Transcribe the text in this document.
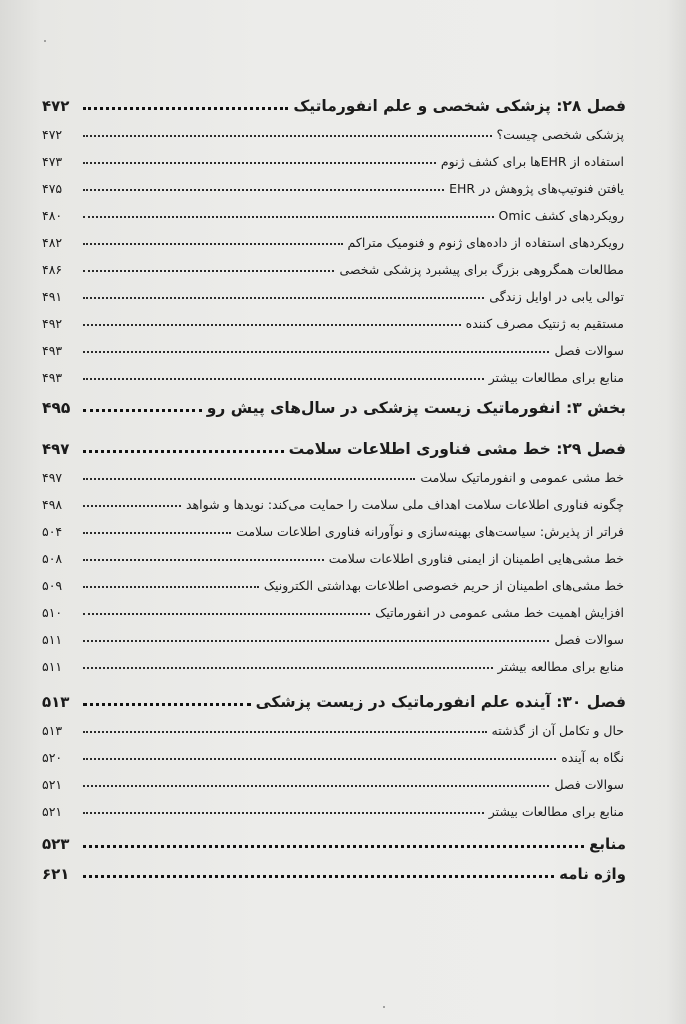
فصل ۲۸: پزشکی شخصی و علم انفورماتیک
۴۷۲
پزشکی شخصی چیست؟
۴۷۲
استفاده از EHRها برای کشف ژنوم
۴۷۳
یافتن فنوتیپ‌های پژوهش در EHR
۴۷۵
رویکردهای کشف Omic
۴۸۰
رویکردهای استفاده از داده‌های ژنوم و فنومیک متراکم
۴۸۲
مطالعات همگروهی بزرگ برای پیشبرد پزشکی شخصی
۴۸۶
توالی یابی در اوایل زندگی
۴۹۱
مستقیم به ژنتیک مصرف کننده
۴۹۲
سوالات فصل
۴۹۳
منابع برای مطالعات بیشتر
۴۹۳
بخش ۳: انفورماتیک زیست پزشکی در سال‌های پیش رو
۴۹۵
فصل ۲۹: خط مشی فناوری اطلاعات سلامت
۴۹۷
خط مشی عمومی و انفورماتیک سلامت
۴۹۷
چگونه فناوری اطلاعات سلامت اهداف ملی سلامت را حمایت می‌کند: نویدها و شواهد
۴۹۸
فراتر از پذیرش: سیاست‌های بهینه‌سازی و نوآورانه فناوری اطلاعات سلامت
۵۰۴
خط مشی‌هایی اطمینان از ایمنی فناوری اطلاعات سلامت
۵۰۸
خط مشی‌های اطمینان از حریم خصوصی اطلاعات بهداشتی الکترونیک
۵۰۹
افزایش اهمیت خط مشی عمومی در انفورماتیک
۵۱۰
سوالات فصل
۵۱۱
منابع برای مطالعه بیشتر
۵۱۱
فصل ۳۰: آینده علم انفورماتیک در زیست پزشکی
۵۱۳
حال و تکامل آن از گذشته
۵۱۳
نگاه به آینده
۵۲۰
سوالات فصل
۵۲۱
منابع برای مطالعات بیشتر
۵۲۱
منابع
۵۲۳
واژه نامه
۶۲۱
